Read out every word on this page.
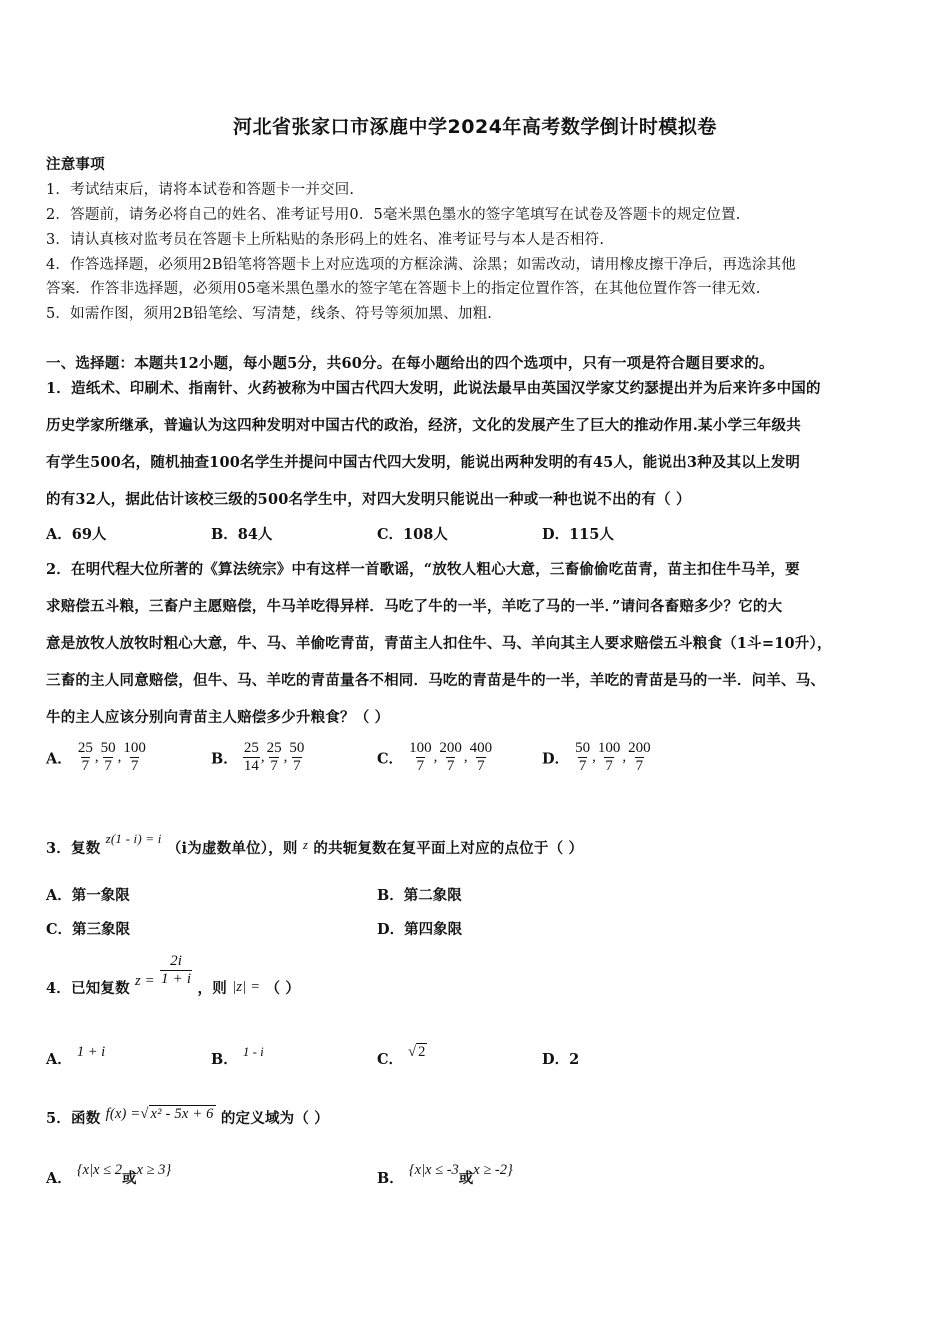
河北省张家口市涿鹿中学2024年高考数学倒计时模拟卷
注意事项
1．考试结束后，请将本试卷和答题卡一并交回.
2．答题前，请务必将自己的姓名、准考证号用0．5毫米黑色墨水的签字笔填写在试卷及答题卡的规定位置.
3．请认真核对监考员在答题卡上所粘贴的条形码上的姓名、准考证号与本人是否相符.
4．作答选择题，必须用2B铅笔将答题卡上对应选项的方框涂满、涂黑；如需改动，请用橡皮擦干净后，再选涂其他
答案．作答非选择题，必须用05毫米黑色墨水的签字笔在答题卡上的指定位置作答，在其他位置作答一律无效.
5．如需作图，须用2B铅笔绘、写清楚，线条、符号等须加黑、加粗.
一、选择题：本题共12小题，每小题5分，共60分。在每小题给出的四个选项中，只有一项是符合题目要求的。
1．造纸术、印刷术、指南针、火药被称为中国古代四大发明，此说法最早由英国汉学家艾约瑟提出并为后来许多中国的
历史学家所继承，普遍认为这四种发明对中国古代的政治，经济，文化的发展产生了巨大的推动作用.某小学三年级共
有学生500名，随机抽查100名学生并提问中国古代四大发明，能说出两种发明的有45人，能说出3种及其以上发明
的有32人，据此估计该校三级的500名学生中，对四大发明只能说出一种或一种也说不出的有（ ）
A．69人	B．84人	C．108人	D．115人
2．在明代程大位所著的《算法统宗》中有这样一首歌谣，“放牧人粗心大意，三畜偷偷吃苗青，苗主扣住牛马羊，要
求赔偿五斗粮，三畜户主愿赔偿，牛马羊吃得异样．马吃了牛的一半，羊吃了马的一半．”请问各畜赔多少？它的大
意是放牧人放牧时粗心大意，牛、马、羊偷吃青苗，青苗主人扣住牛、马、羊向其主人要求赔偿五斗粮食（1斗=10升），
三畜的主人同意赔偿，但牛、马、羊吃的青苗量各不相同．马吃的青苗是牛的一半，羊吃的青苗是马的一半．问羊、马、
牛的主人应该分别向青苗主人赔偿多少升粮食？（ ）
A． $\frac{25}{7}$ , $\frac{50}{7}$ , $\frac{100}{7}$	B． $\frac{25}{14}$ , $\frac{25}{7}$ , $\frac{50}{7}$	C． $\frac{100}{7}$ , $\frac{200}{7}$ , $\frac{400}{7}$	D． $\frac{50}{7}$ , $\frac{100}{7}$ , $\frac{200}{7}$
3．复数 z(1 - i) = i （i为虚数单位），则 z 的共轭复数在复平面上对应的点位于（ ）
A．第一象限	B．第二象限
C．第三象限	D．第四象限
4．已知复数 $z = \frac{2i}{1 + i}$ ，则 |z| = （ ）
A． 1 + i	B． 1 - i	C． √ 2	D．2
5．函数 f(x) =√ x² - 5x + 6 的定义域为（ ）
A． {x|x ≤ 2或x ≥ 3}	B． {x|x ≤ -3或x ≥ -2}
